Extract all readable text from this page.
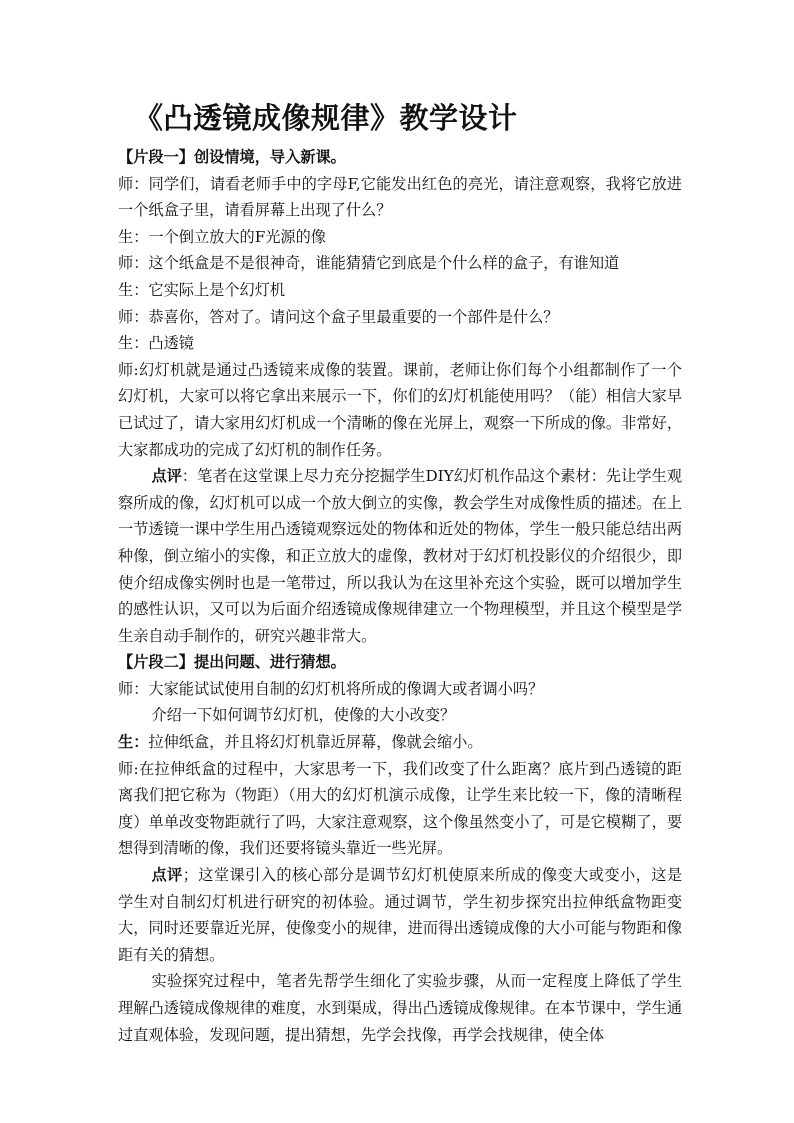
《凸透镜成像规律》教学设计

【片段一】创设情境，导入新课。

师：同学们，请看老师手中的字母F,它能发出红色的亮光，请注意观察，我将它放进一个纸盒子里，请看屏幕上出现了什么？

生：一个倒立放大的F光源的像

师：这个纸盒是不是很神奇，谁能猜猜它到底是个什么样的盒子，有谁知道

生：它实际上是个幻灯机

师：恭喜你，答对了。请问这个盒子里最重要的一个部件是什么？

生：凸透镜

师:幻灯机就是通过凸透镜来成像的装置。课前，老师让你们每个小组都制作了一个幻灯机，大家可以将它拿出来展示一下，你们的幻灯机能使用吗？（能）相信大家早已试过了，请大家用幻灯机成一个清晰的像在光屏上，观察一下所成的像。非常好，大家都成功的完成了幻灯机的制作任务。

点评：笔者在这堂课上尽力充分挖掘学生DIY幻灯机作品这个素材：先让学生观察所成的像，幻灯机可以成一个放大倒立的实像，教会学生对成像性质的描述。在上一节透镜一课中学生用凸透镜观察远处的物体和近处的物体，学生一般只能总结出两种像，倒立缩小的实像，和正立放大的虚像，教材对于幻灯机投影仪的介绍很少，即使介绍成像实例时也是一笔带过，所以我认为在这里补充这个实验，既可以增加学生的感性认识，又可以为后面介绍透镜成像规律建立一个物理模型，并且这个模型是学生亲自动手制作的，研究兴趣非常大。

【片段二】提出问题、进行猜想。

师：大家能试试使用自制的幻灯机将所成的像调大或者调小吗？

介绍一下如何调节幻灯机，使像的大小改变？

生：拉伸纸盒，并且将幻灯机靠近屏幕，像就会缩小。

师:在拉伸纸盒的过程中，大家思考一下，我们改变了什么距离？底片到凸透镜的距离我们把它称为（物距）（用大的幻灯机演示成像，让学生来比较一下，像的清晰程度）单单改变物距就行了吗，大家注意观察，这个像虽然变小了，可是它模糊了，要想得到清晰的像，我们还要将镜头靠近一些光屏。

点评；这堂课引入的核心部分是调节幻灯机使原来所成的像变大或变小，这是学生对自制幻灯机进行研究的初体验。通过调节，学生初步探究出拉伸纸盒物距变大，同时还要靠近光屏，使像变小的规律，进而得出透镜成像的大小可能与物距和像距有关的猜想。

实验探究过程中，笔者先帮学生细化了实验步骤，从而一定程度上降低了学生理解凸透镜成像规律的难度，水到渠成，得出凸透镜成像规律。在本节课中，学生通过直观体验，发现问题，提出猜想，先学会找像，再学会找规律，使全体
